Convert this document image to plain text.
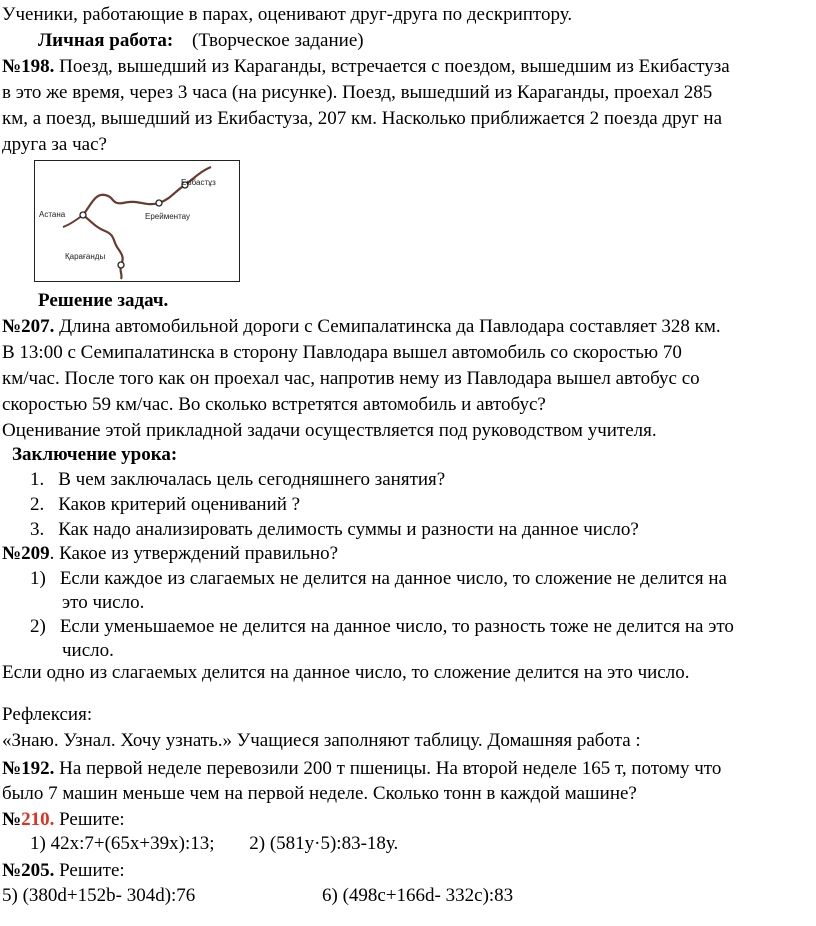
Ученики, работающие в парах, оценивают друг-друга по дескриптору.
Личная работа: (Творческое задание)
№198. Поезд, вышедший из Караганды, встречается с поездом, вышедшим из Екибастуза
в это же время, через 3 часа (на рисунке). Поезд, вышедший из Караганды, проехал 285
км, а поезд, вышедший из Екибастуза, 207 км. Насколько приближается 2 поезда друг на
друга за час?
Екібастұз
Астана	Ерейментау
Қарағанды
Решение задач.
№207. Длина автомобильной дороги с Семипалатинска да Павлодара составляет 328 км.
В 13:00 с Семипалатинска в сторону Павлодара вышел автомобиль со скоростью 70
км/час. После того как он проехал час, напротив нему из Павлодара вышел автобус со
скоростью 59 км/час. Во сколько встретятся автомобиль и автобус?
Оценивание этой прикладной задачи осуществляется под руководством учителя.
Заключение урока:
1. В чем заключалась цель сегодняшнего занятия?
2. Каков критерий оцениваний ?
3. Как надо анализировать делимость суммы и разности на данное число?
№209. Какое из утверждений правильно?
1) Если каждое из слагаемых не делится на данное число, то сложение не делится на
это число.
2) Если уменьшаемое не делится на данное число, то разность тоже не делится на это
число.
Если одно из слагаемых делится на данное число, то сложение делится на это число.
Рефлексия:
«Знаю. Узнал. Хочу узнать.» Учащиеся заполняют таблицу. Домашняя работа :
№192. На первой неделе перевозили 200 т пшеницы. На второй неделе 165 т, потому что
было 7 машин меньше чем на первой неделе. Сколько тонн в каждой машине?
№210. Решите:
1) 42х:7+(65х+39х):13; 2) (581у·5):83-18у.
№205. Решите:
5) (380d+152b- 304d):76	6) (498c+166d- 332c):83
